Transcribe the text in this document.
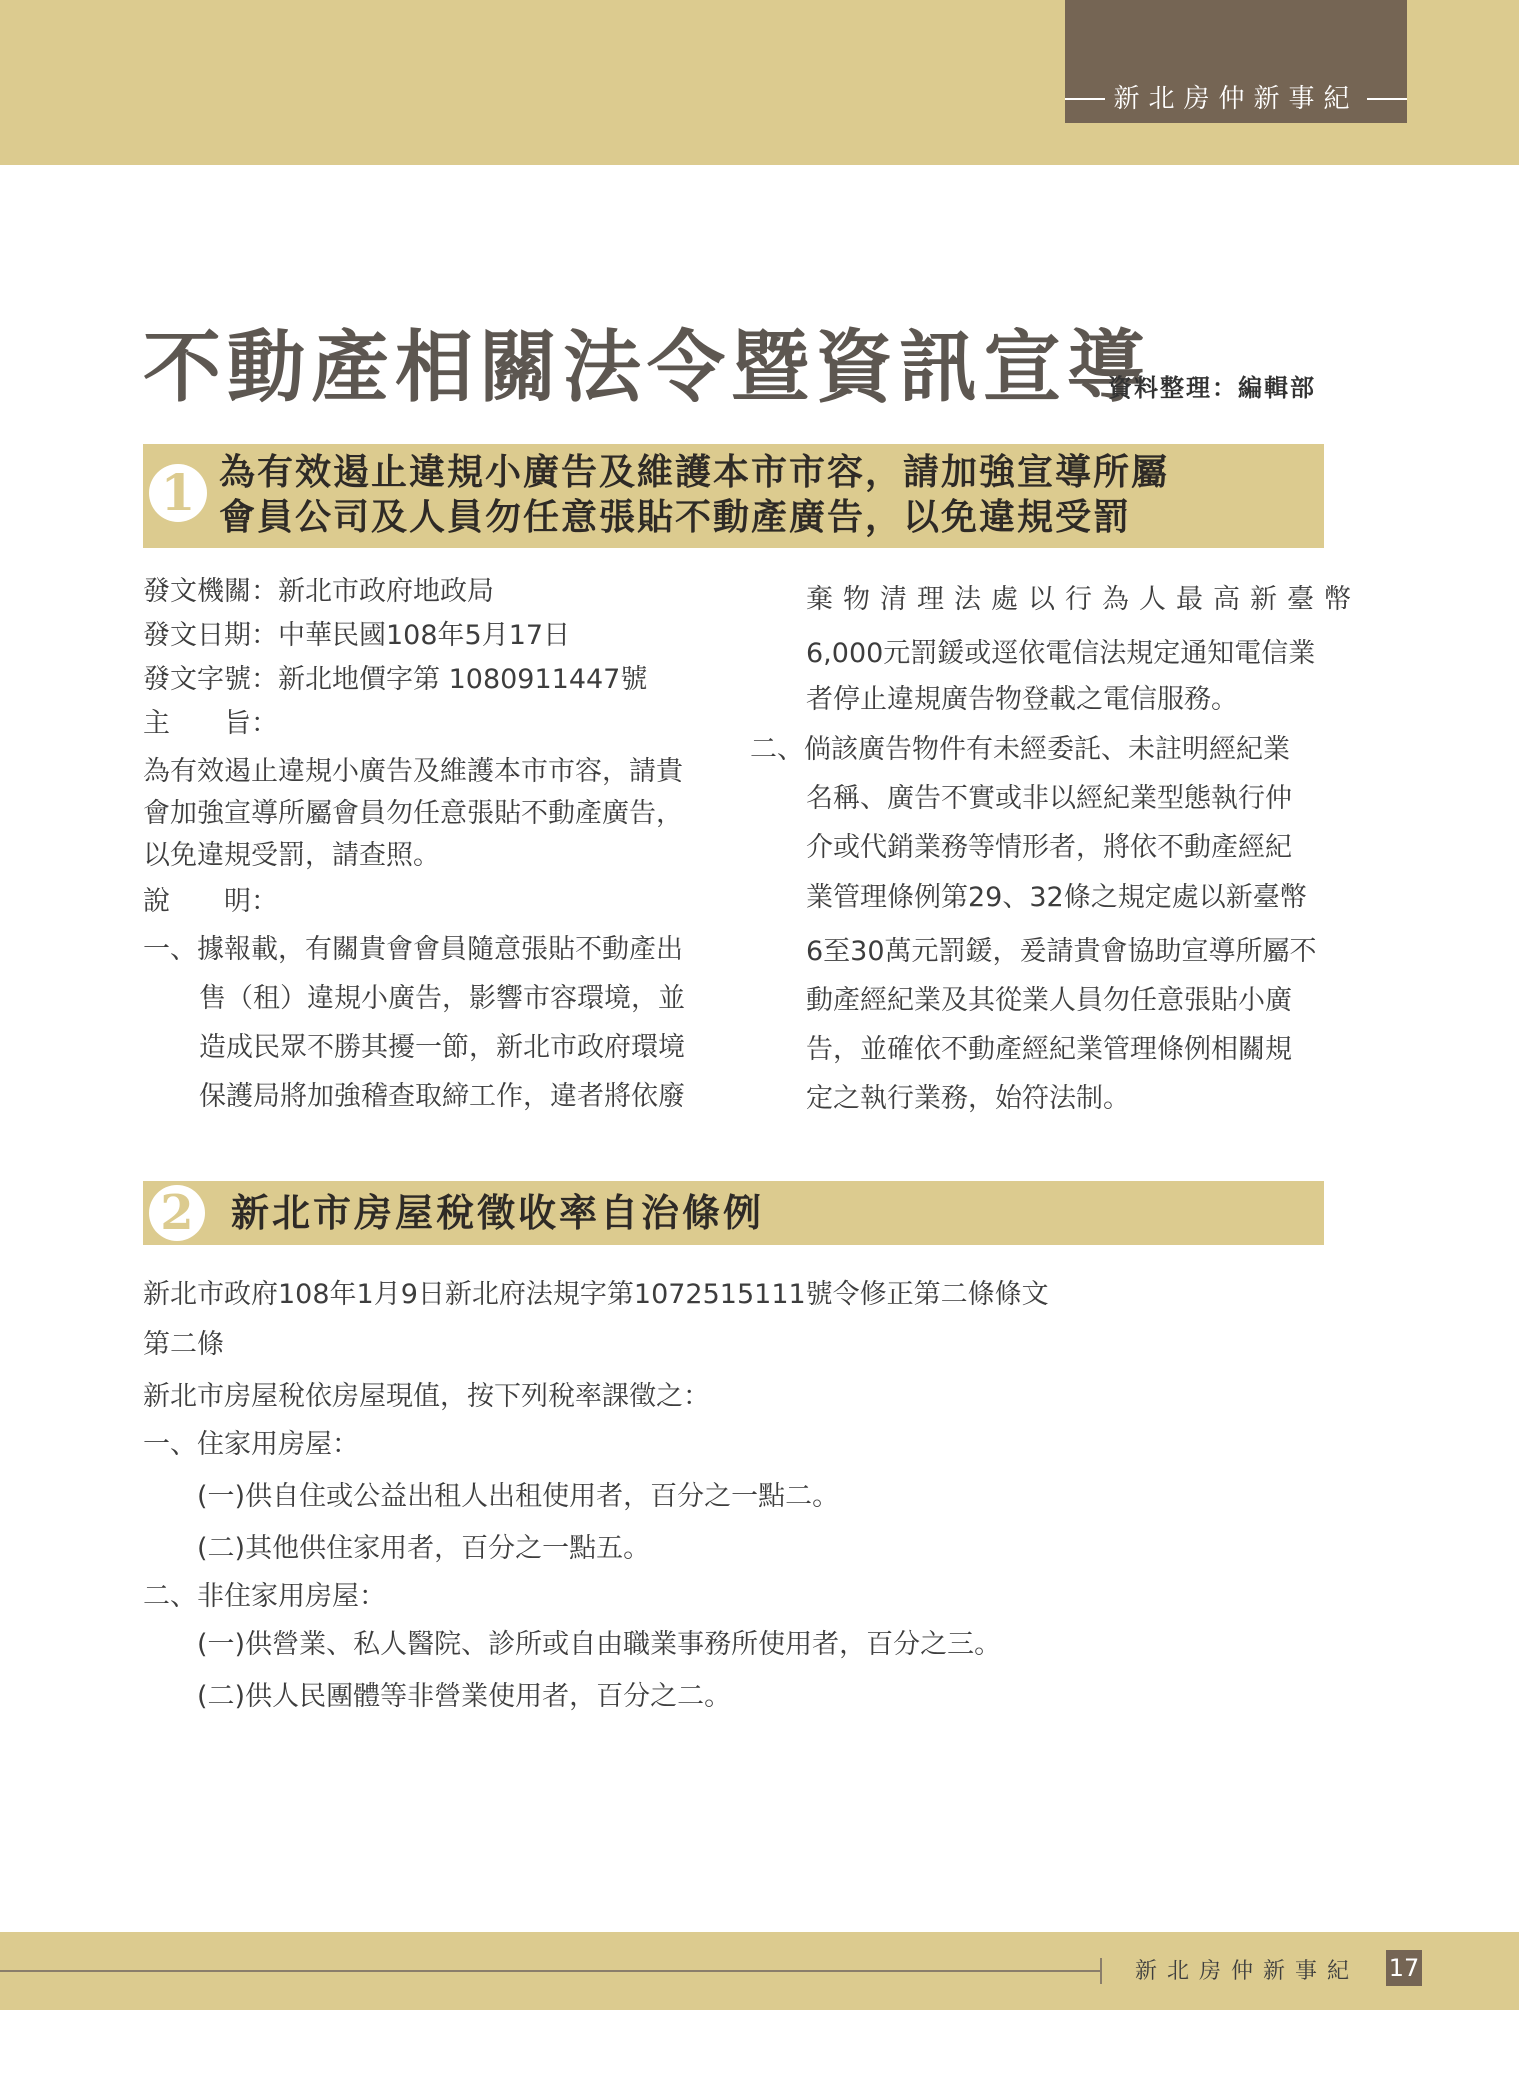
新北房仲新事紀
不動產相關法令暨資訊宣導
資料整理：編輯部
1 為有效遏止違規小廣告及維護本市市容，請加強宣導所屬
會員公司及人員勿任意張貼不動產廣告，以免違規受罰

發文機關：新北市政府地政局

發文日期：中華民國108年5月17日

發文字號：新北地價字第 1080911447號

主　　旨：

為有效遏止違規小廣告及維護本市市容，請貴

會加強宣導所屬會員勿任意張貼不動產廣告，

以免違規受罰，請查照。

說　　明：

一、據報載，有關貴會會員隨意張貼不動產出

售（租）違規小廣告，影響市容環境，並

造成民眾不勝其擾一節，新北市政府環境

保護局將加強稽查取締工作，違者將依廢

棄物清理法處以行為人最高新臺幣

6,000元罰鍰或逕依電信法規定通知電信業

者停止違規廣告物登載之電信服務。

二、倘該廣告物件有未經委託、未註明經紀業

名稱、廣告不實或非以經紀業型態執行仲

介或代銷業務等情形者，將依不動產經紀

業管理條例第29、32條之規定處以新臺幣

6至30萬元罰鍰，爰請貴會協助宣導所屬不

動產經紀業及其從業人員勿任意張貼小廣

告，並確依不動產經紀業管理條例相關規

定之執行業務，始符法制。

2 新北市房屋稅徵收率自治條例

新北市政府108年1月9日新北府法規字第1072515111號令修正第二條條文

第二條

新北市房屋稅依房屋現值，按下列稅率課徵之：

一、住家用房屋：

(一)供自住或公益出租人出租使用者，百分之一點二。

(二)其他供住家用者，百分之一點五。

二、非住家用房屋：

(一)供營業、私人醫院、診所或自由職業事務所使用者，百分之三。

(二)供人民團體等非營業使用者，百分之二。

新北房仲新事紀 17
